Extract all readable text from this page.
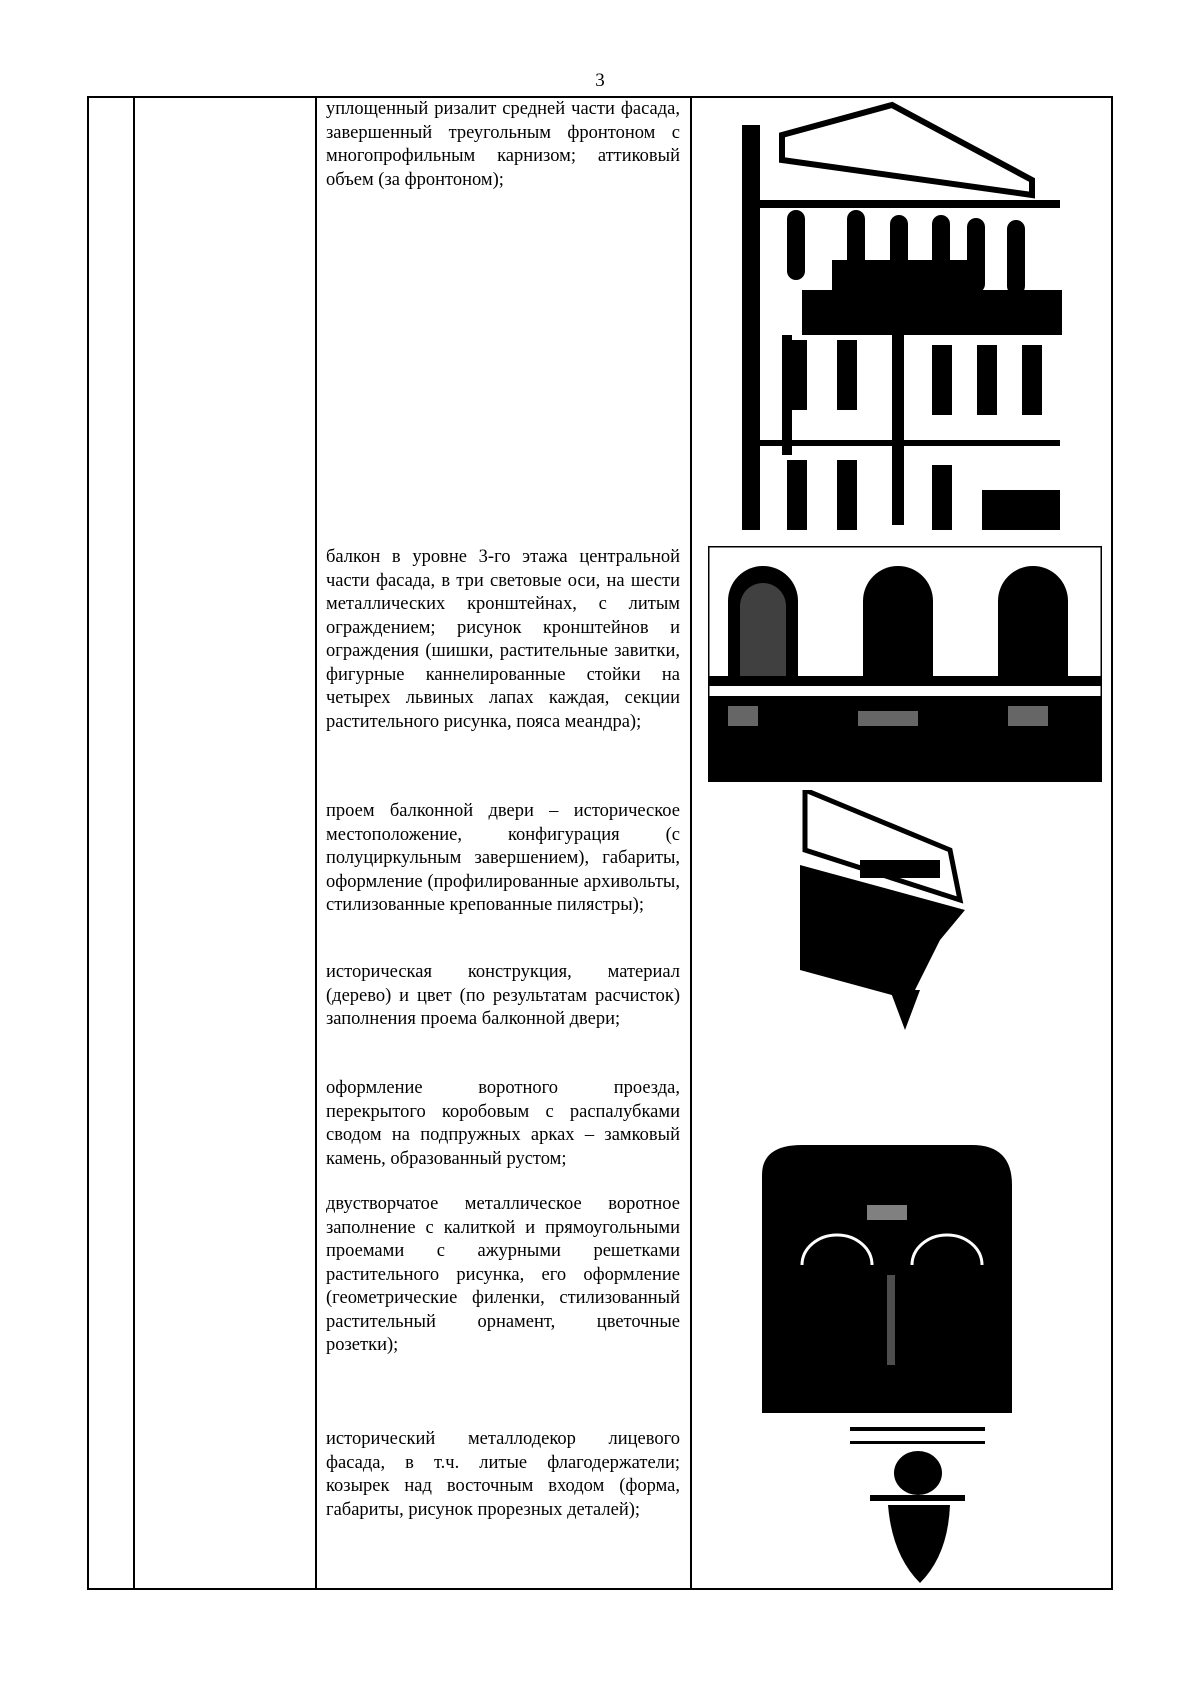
3

уплощенный ризалит средней части фасада, завершенный треугольным фронтоном с многопрофильным карнизом; аттиковый объем (за фронтоном);

балкон в уровне 3-го этажа центральной части фасада, в три световые оси, на шести металлических кронштейнах, с литым ограждением; рисунок кронштейнов и ограждения (шишки, растительные завитки, фигурные каннелированные стойки на четырех львиных лапах каждая, секции растительного рисунка, пояса меандра);

проем балконной двери – историческое местоположение, конфигурация (с полуциркульным завершением), габариты, оформление (профилированные архивольты, стилизованные крепованные пилястры);

историческая конструкция, материал (дерево) и цвет (по результатам расчисток) заполнения проема балконной двери;

оформление воротного проезда, перекрытого коробовым с распалубками сводом на подпружных арках – замковый камень, образованный рустом;

двустворчатое металлическое воротное заполнение с калиткой и прямоугольными проемами с ажурными решетками растительного рисунка, его оформление (геометрические филенки, стилизованный растительный орнамент, цветочные розетки);

исторический металлодекор лицевого фасада, в т.ч. литые флагодержатели; козырек над восточным входом (форма, габариты, рисунок прорезных деталей);
